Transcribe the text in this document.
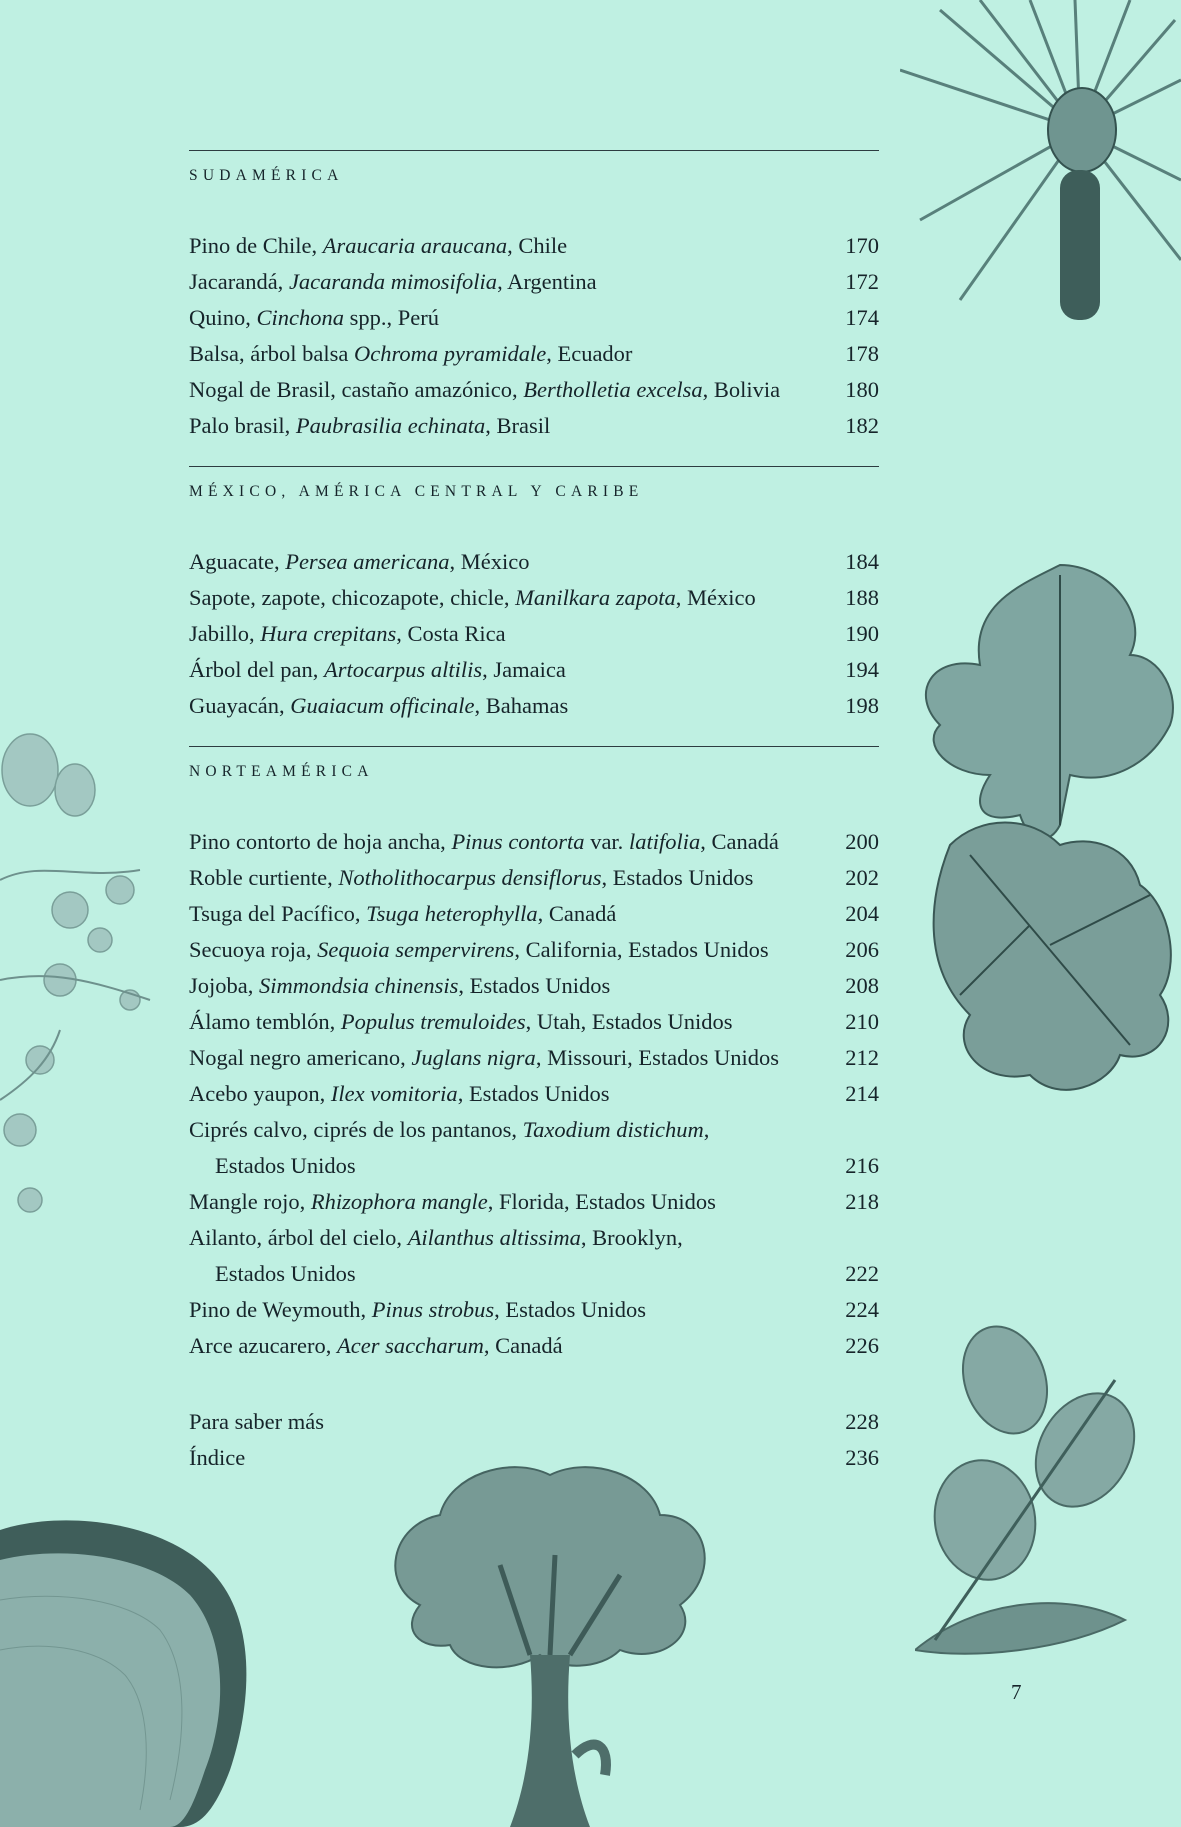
SUDAMÉRICA
Pino de Chile, Araucaria araucana, Chile	170
Jacarandá, Jacaranda mimosifolia, Argentina	172
Quino, Cinchona spp., Perú	174
Balsa, árbol balsa Ochroma pyramidale, Ecuador	178
Nogal de Brasil, castaño amazónico, Bertholletia excelsa, Bolivia	180
Palo brasil, Paubrasilia echinata, Brasil	182
MÉXICO, AMÉRICA CENTRAL Y CARIBE
Aguacate, Persea americana, México	184
Sapote, zapote, chicozapote, chicle, Manilkara zapota, México	188
Jabillo, Hura crepitans, Costa Rica	190
Árbol del pan, Artocarpus altilis, Jamaica	194
Guayacán, Guaiacum officinale, Bahamas	198
NORTEAMÉRICA
Pino contorto de hoja ancha, Pinus contorta var. latifolia, Canadá	200
Roble curtiente, Notholithocarpus densiflorus, Estados Unidos	202
Tsuga del Pacífico, Tsuga heterophylla, Canadá	204
Secuoya roja, Sequoia sempervirens, California, Estados Unidos	206
Jojoba, Simmondsia chinensis, Estados Unidos	208
Álamo temblón, Populus tremuloides, Utah, Estados Unidos	210
Nogal negro americano, Juglans nigra, Missouri, Estados Unidos	212
Acebo yaupon, Ilex vomitoria, Estados Unidos	214
Ciprés calvo, ciprés de los pantanos, Taxodium distichum,
Estados Unidos	216
Mangle rojo, Rhizophora mangle, Florida, Estados Unidos	218
Ailanto, árbol del cielo, Ailanthus altissima, Brooklyn,
Estados Unidos	222
Pino de Weymouth, Pinus strobus, Estados Unidos	224
Arce azucarero, Acer saccharum, Canadá	226
Para saber más	228
Índice	236
7
